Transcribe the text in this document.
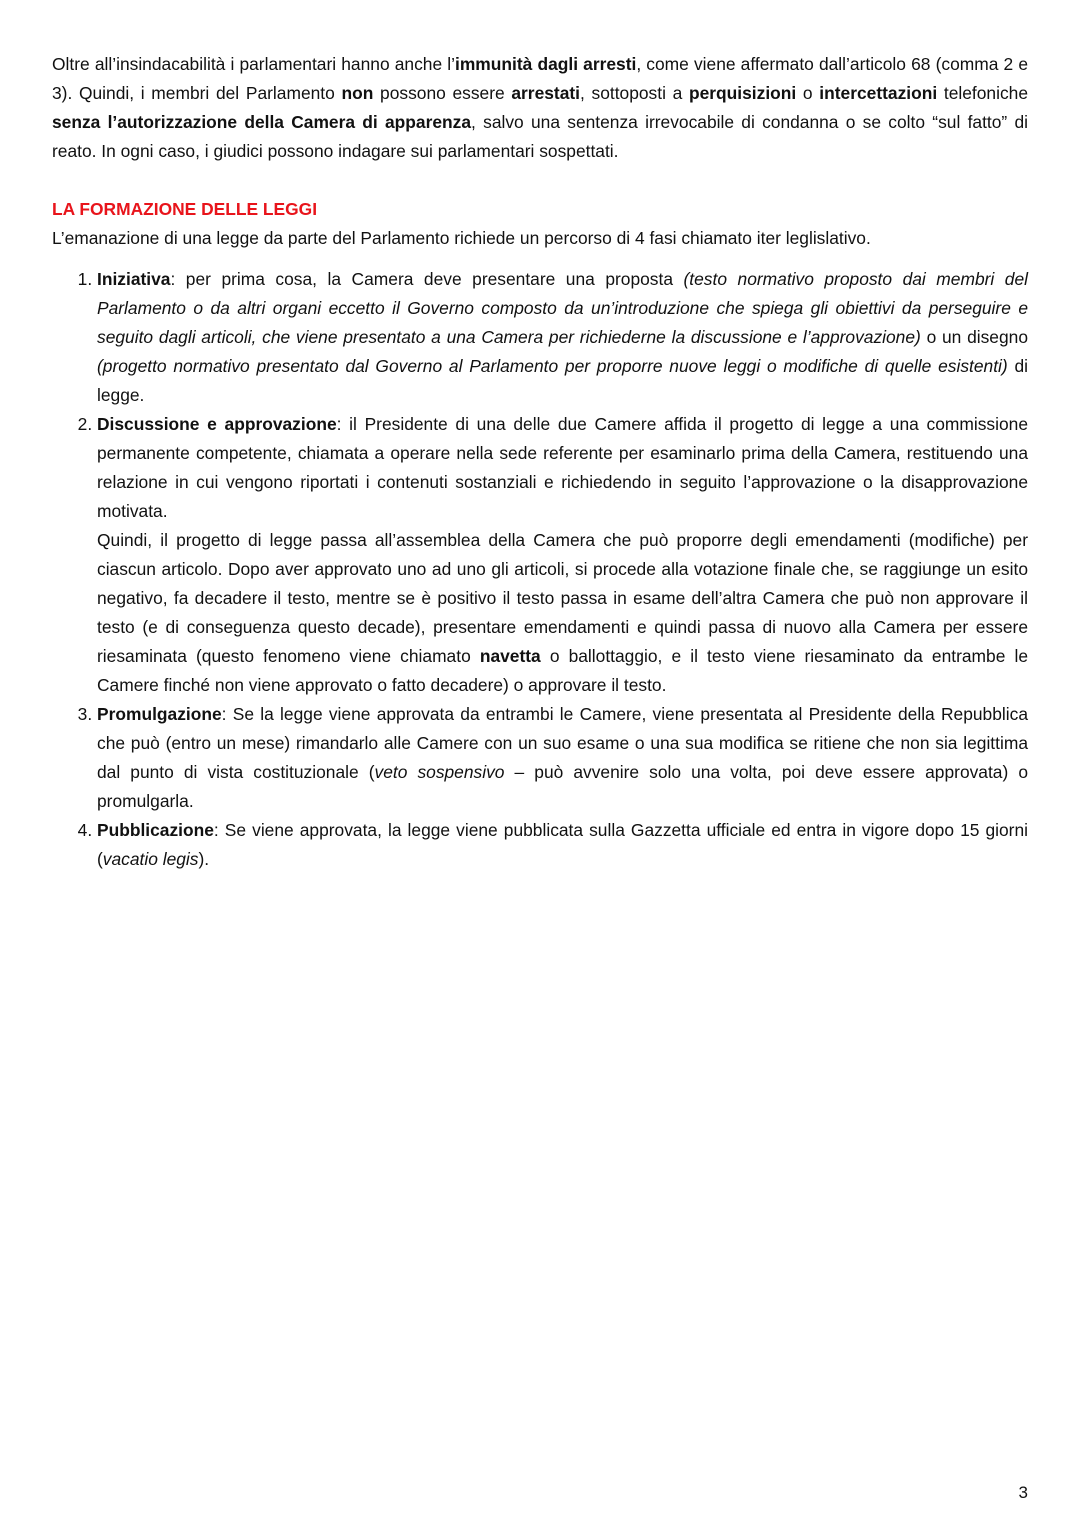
Oltre all’insindacabilità i parlamentari hanno anche l’immunità dagli arresti, come viene affermato dall’articolo 68 (comma 2 e 3). Quindi, i membri del Parlamento non possono essere arrestati, sottoposti a perquisizioni o intercettazioni telefoniche senza l’autorizzazione della Camera di apparenza, salvo una sentenza irrevocabile di condanna o se colto “sul fatto” di reato. In ogni caso, i giudici possono indagare sui parlamentari sospettati.

LA FORMAZIONE DELLE LEGGI

L’emanazione di una legge da parte del Parlamento richiede un percorso di 4 fasi chiamato iter leglislativo.

1. Iniziativa: per prima cosa, la Camera deve presentare una proposta (testo normativo proposto dai membri del Parlamento o da altri organi eccetto il Governo composto da un’introduzione che spiega gli obiettivi da perseguire e seguito dagli articoli, che viene presentato a una Camera per richiederne la discussione e l’approvazione) o un disegno (progetto normativo presentato dal Governo al Parlamento per proporre nuove leggi o modifiche di quelle esistenti) di legge.
2. Discussione e approvazione: il Presidente di una delle due Camere affida il progetto di legge a una commissione permanente competente, chiamata a operare nella sede referente per esaminarlo prima della Camera, restituendo una relazione in cui vengono riportati i contenuti sostanziali e richiedendo in seguito l’approvazione o la disapprovazione motivata.
Quindi, il progetto di legge passa all’assemblea della Camera che può proporre degli emendamenti (modifiche) per ciascun articolo. Dopo aver approvato uno ad uno gli articoli, si procede alla votazione finale che, se raggiunge un esito negativo, fa decadere il testo, mentre se è positivo il testo passa in esame dell’altra Camera che può non approvare il testo (e di conseguenza questo decade), presentare emendamenti e quindi passa di nuovo alla Camera per essere riesaminata (questo fenomeno viene chiamato navetta o ballottaggio, e il testo viene riesaminato da entrambe le Camere finché non viene approvato o fatto decadere) o approvare il testo.
3. Promulgazione: Se la legge viene approvata da entrambi le Camere, viene presentata al Presidente della Repubblica che può (entro un mese) rimandarlo alle Camere con un suo esame o una sua modifica se ritiene che non sia legittima dal punto di vista costituzionale (veto sospensivo – può avvenire solo una volta, poi deve essere approvata) o promulgarla.
4. Pubblicazione: Se viene approvata, la legge viene pubblicata sulla Gazzetta ufficiale ed entra in vigore dopo 15 giorni (vacatio legis).
3
